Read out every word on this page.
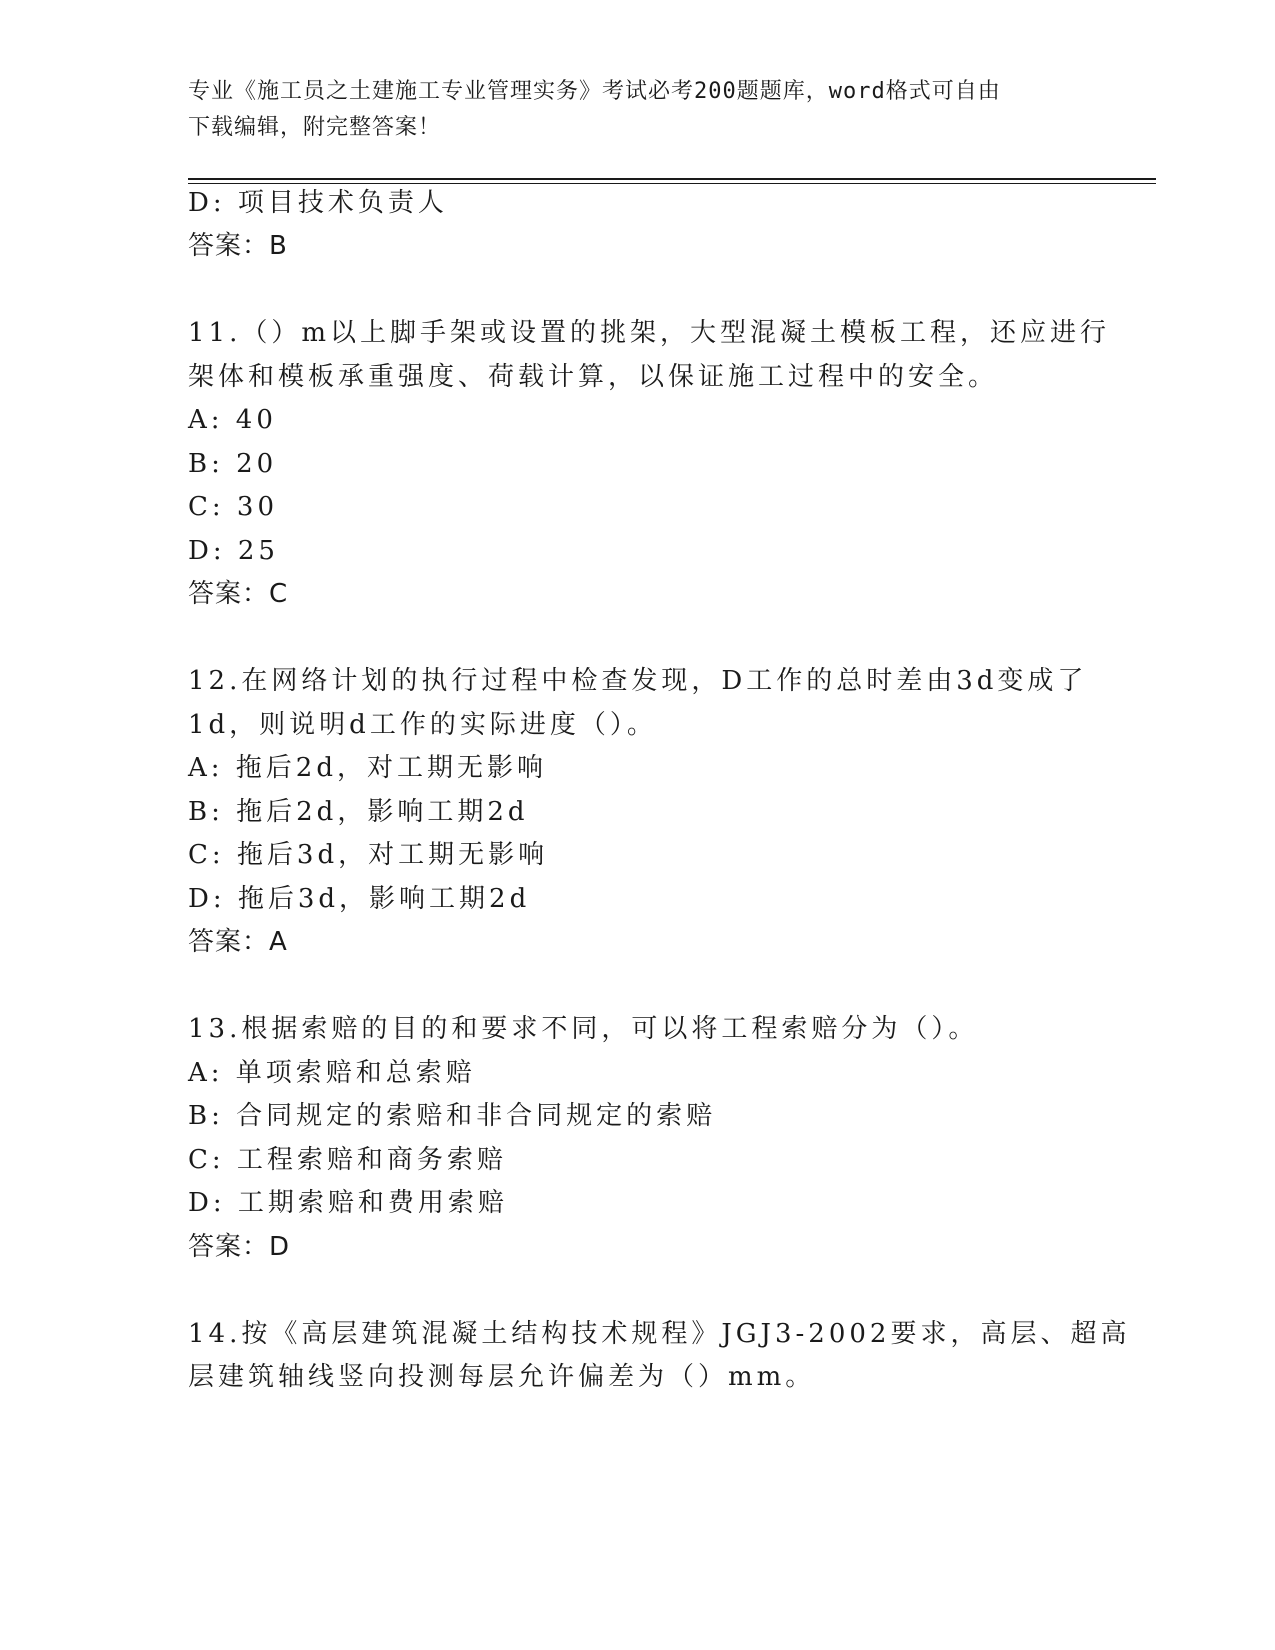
专业《施工员之土建施工专业管理实务》考试必考200题题库，word格式可自由
下载编辑，附完整答案！
D: 项目技术负责人
答案：B
11.（）m以上脚手架或设置的挑架，大型混凝土模板工程，还应进行
架体和模板承重强度、荷载计算，以保证施工过程中的安全。
A: 40
B: 20
C: 30
D: 25
答案：C
12.在网络计划的执行过程中检查发现，D工作的总时差由3d变成了
1d，则说明d工作的实际进度（）。
A: 拖后2d，对工期无影响
B: 拖后2d，影响工期2d
C: 拖后3d，对工期无影响
D: 拖后3d，影响工期2d
答案：A
13.根据索赔的目的和要求不同，可以将工程索赔分为（）。
A: 单项索赔和总索赔
B: 合同规定的索赔和非合同规定的索赔
C: 工程索赔和商务索赔
D: 工期索赔和费用索赔
答案：D
14.按《高层建筑混凝土结构技术规程》JGJ3-2002要求，高层、超高
层建筑轴线竖向投测每层允许偏差为（）mm。
